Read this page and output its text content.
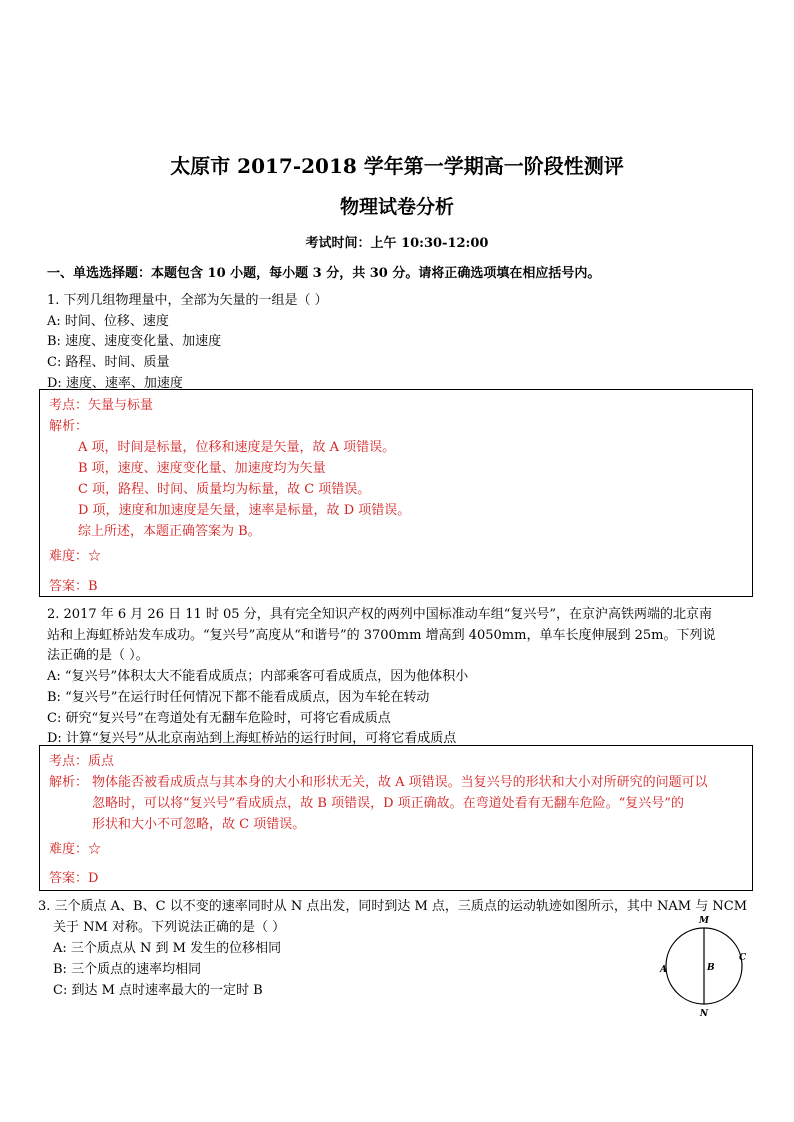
太原市 2017-2018 学年第一学期高一阶段性测评
物理试卷分析
考试时间：上午 10:30-12:00
一、单选选择题：本题包含 10 小题，每小题 3 分，共 30 分。请将正确选项填在相应括号内。
1. 下列几组物理量中，全部为矢量的一组是（ ）
A: 时间、位移、速度
B: 速度、速度变化量、加速度
C: 路程、时间、质量
D: 速度、速率、加速度
考点：矢量与标量
解析：
A 项，时间是标量，位移和速度是矢量，故 A 项错误。
B 项，速度、速度变化量、加速度均为矢量
C 项，路程、时间、质量均为标量，故 C 项错误。
D 项，速度和加速度是矢量，速率是标量，故 D 项错误。
综上所述，本题正确答案为 B。
难度：☆
答案：B
2. 2017 年 6 月 26 日 11 时 05 分，具有完全知识产权的两列中国标准动车组“复兴号”，在京沪高铁两端的北京南
站和上海虹桥站发车成功。“复兴号”高度从“和谐号”的 3700mm 增高到 4050mm，单车长度伸展到 25m。下列说
法正确的是（ ）。
A: “复兴号”体积太大不能看成质点；内部乘客可看成质点，因为他体积小
B: “复兴号”在运行时任何情况下都不能看成质点，因为车轮在转动
C: 研究“复兴号”在弯道处有无翻车危险时，可将它看成质点
D: 计算“复兴号”从北京南站到上海虹桥站的运行时间，可将它看成质点
考点：质点
解析： 物体能否被看成质点与其本身的大小和形状无关，故 A 项错误。当复兴号的形状和大小对所研究的问题可以
忽略时，可以将“复兴号”看成质点，故 B 项错误，D 项正确故。在弯道处看有无翻车危险。“复兴号”的
形状和大小不可忽略，故 C 项错误。
难度：☆
答案：D
3. 三个质点 A、B、C 以不变的速率同时从 N 点出发，同时到达 M 点，三质点的运动轨迹如图所示，其中 NAM 与 NCM
关于 NM 对称。下列说法正确的是（ ）
A: 三个质点从 N 到 M 发生的位移相同
B: 三个质点的速率均相同
C: 到达 M 点时速率最大的一定时 B
M
N
A	B
C
